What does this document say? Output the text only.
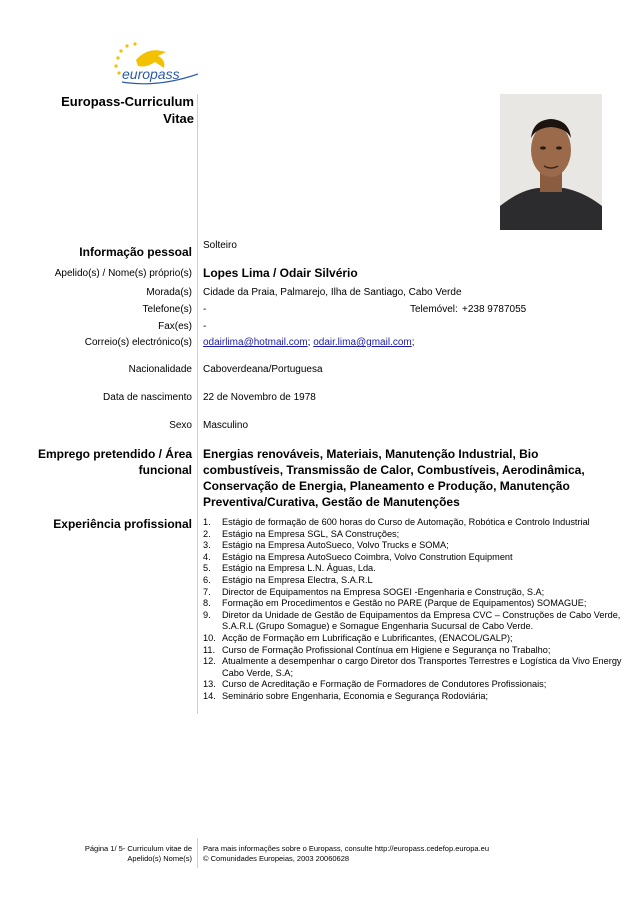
europass
Europass-Curriculum
Vitae
Informação pessoal Solteiro
Apelido(s) / Nome(s) próprio(s) Lopes Lima / Odair Silvério
Morada(s) Cidade da Praia, Palmarejo, Ilha de Santiago, Cabo Verde
Telefone(s) -	Telemóvel: +238 9787055
Fax(es) -
Correio(s) electrónico(s) odairlima@hotmail.com; odair.lima@gmail.com;
Nacionalidade Caboverdeana/Portuguesa
Data de nascimento 22 de Novembro de 1978
Sexo Masculino
Emprego pretendido / Área
funcional
Energias renováveis, Materiais, Manutenção Industrial, Bio combustíveis, Transmissão de Calor, Combustíveis, Aerodinâmica, Conservação de Energia, Planeamento e Produção, Manutenção Preventiva/Curativa, Gestão de Manutenções
Experiência profissional 1. Estágio de formação de 600 horas do Curso de Automação, Robótica e Controlo Industrial
2. Estágio na Empresa SGL, SA Construções;
3. Estágio na Empresa AutoSueco, Volvo Trucks e SOMA;
4. Estágio na Empresa AutoSueco Coimbra, Volvo Constrution Equipment
5. Estágio na Empresa L.N. Águas, Lda.
6. Estágio na Empresa Electra, S.A.R.L
7. Director de Equipamentos na Empresa SOGEI -Engenharia e Construção, S.A;
8. Formação em Procedimentos e Gestão no PARE (Parque de Equipamentos) SOMAGUE;
9. Diretor da Unidade de Gestão de Equipamentos da Empresa CVC – Construções de Cabo Verde, S.A.R.L (Grupo Somague) e Somague Engenharia Sucursal de Cabo Verde.
10. Acção de Formação em Lubrificação e Lubrificantes, (ENACOL/GALP);
11. Curso de Formação Profissional Contínua em Higiene e Segurança no Trabalho;
12. Atualmente a desempenhar o cargo Diretor dos Transportes Terrestres e Logística da Vivo Energy Cabo Verde, S.A;
13. Curso de Acreditação e Formação de Formadores de Condutores Profissionais;
14. Seminário sobre Engenharia, Economia e Segurança Rodoviária;
Página 1/ 5- Curriculum vitae de
Apelido(s) Nome(s)
Para mais informações sobre o Europass, consulte http://europass.cedefop.europa.eu
© Comunidades Europeias, 2003 20060628
